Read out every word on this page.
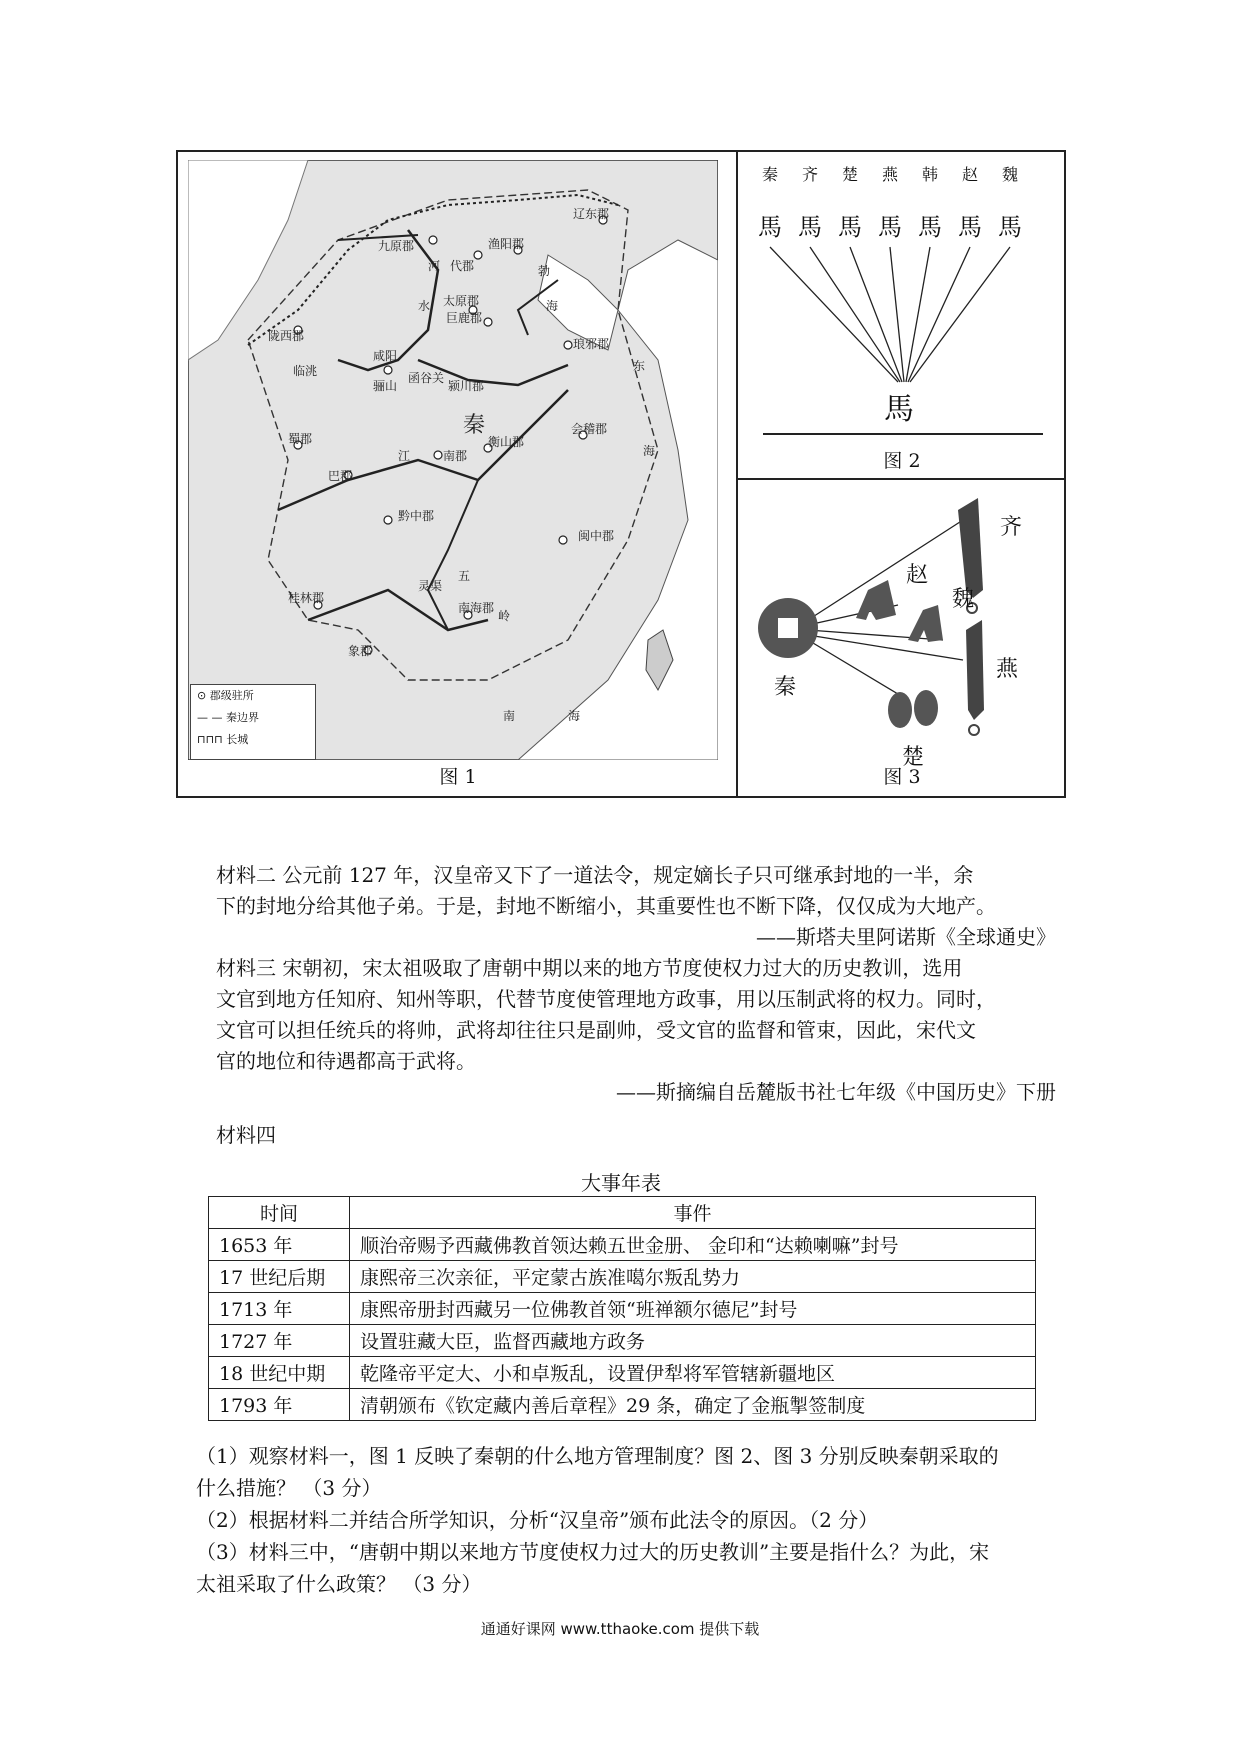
辽东郡
渔阳郡
九原郡
代郡
太原郡
巨鹿郡
陇西郡
咸阳
临洮
骊山
函谷关
颍川郡
琅邪郡
会稽郡
衡山郡
蜀郡
南郡
巴郡
黔中郡
闽中郡
灵渠
桂林郡
象郡
南海郡
秦
东
海
南	海
勃
海
五
岭
河
水
江
⊙ 郡级驻所
— — 秦边界
⊓⊓⊓ 长城
图 1
秦 齐 楚 燕 韩 赵 魏
馬 馬 馬 馬 馬 馬 馬
馬
图 2
齐
赵
魏
燕
秦
楚
图 3

材料二 公元前 127 年，汉皇帝又下了一道法令，规定嫡长子只可继承封地的一半，余

下的封地分给其他子弟。于是，封地不断缩小，其重要性也不断下降，仅仅成为大地产。

——斯塔夫里阿诺斯《全球通史》

材料三 宋朝初，宋太祖吸取了唐朝中期以来的地方节度使权力过大的历史教训，选用

文官到地方任知府、知州等职，代替节度使管理地方政事，用以压制武将的权力。同时，

文官可以担任统兵的将帅，武将却往往只是副帅，受文官的监督和管束，因此，宋代文

官的地位和待遇都高于武将。

——斯摘编自岳麓版书社七年级《中国历史》下册

材料四
大事年表
时间	事件
1653 年	顺治帝赐予西藏佛教首领达赖五世金册、 金印和“达赖喇嘛”封号
17 世纪后期	康熙帝三次亲征，平定蒙古族准噶尔叛乱势力
1713 年	康熙帝册封西藏另一位佛教首领“班禅额尔德尼”封号
1727 年	设置驻藏大臣，监督西藏地方政务
18 世纪中期	乾隆帝平定大、小和卓叛乱，设置伊犁将军管辖新疆地区
1793 年	清朝颁布《钦定藏内善后章程》29 条，确定了金瓶掣签制度
（1）观察材料一，图 1 反映了秦朝的什么地方管理制度？图 2、图 3 分别反映秦朝采取的
什么措施？ （3 分）
（2）根据材料二并结合所学知识，分析“汉皇帝”颁布此法令的原因。（2 分）
（3）材料三中，“唐朝中期以来地方节度使权力过大的历史教训”主要是指什么？为此，宋
太祖采取了什么政策？ （3 分）
通通好课网 www.tthaoke.com 提供下载
